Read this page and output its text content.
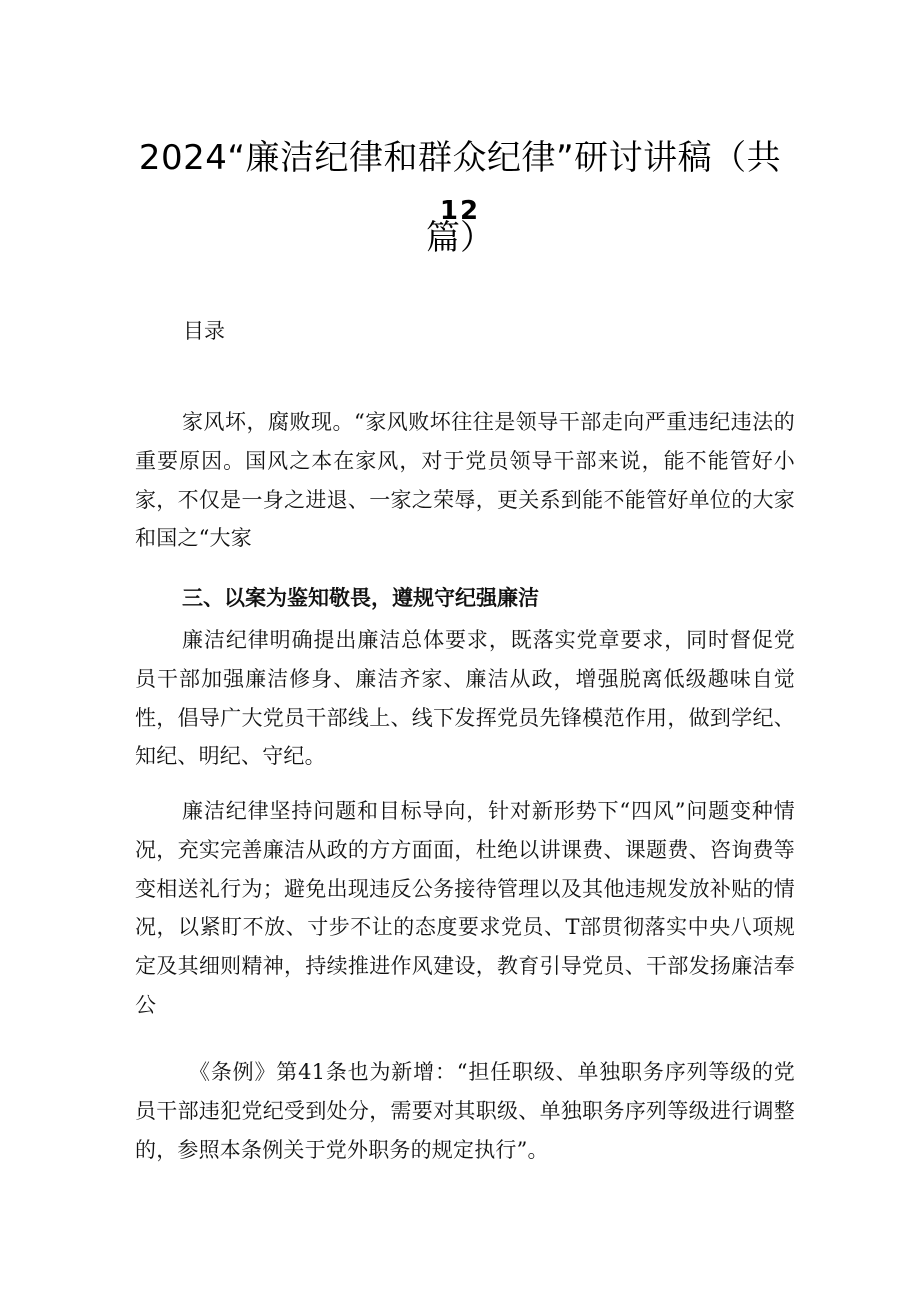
2024“廉洁纪律和群众纪律”研讨讲稿（共
12
篇）
目录

家风坏，腐败现。“家风败坏往往是领导干部走向严重违纪违法的重要原因。国风之本在家风，对于党员领导干部来说，能不能管好小家，不仅是一身之进退、一家之荣辱，更关系到能不能管好单位的大家和国之“大家

三、以案为鉴知敬畏，遵规守纪强廉洁

廉洁纪律明确提出廉洁总体要求，既落实党章要求，同时督促党员干部加强廉洁修身、廉洁齐家、廉洁从政，增强脱离低级趣味自觉性，倡导广大党员干部线上、线下发挥党员先锋模范作用，做到学纪、知纪、明纪、守纪。

廉洁纪律坚持问题和目标导向，针对新形势下“四风”问题变种情况，充实完善廉洁从政的方方面面，杜绝以讲课费、课题费、咨询费等变相送礼行为；避免出现违反公务接待管理以及其他违规发放补贴的情况，以紧盯不放、寸步不让的态度要求党员、T部贯彻落实中央八项规定及其细则精神，持续推进作风建设，教育引导党员、干部发扬廉洁奉公

《条例》第41条也为新增：“担任职级、单独职务序列等级的党员干部违犯党纪受到处分，需要对其职级、单独职务序列等级进行调整的，参照本条例关于党外职务的规定执行”。
